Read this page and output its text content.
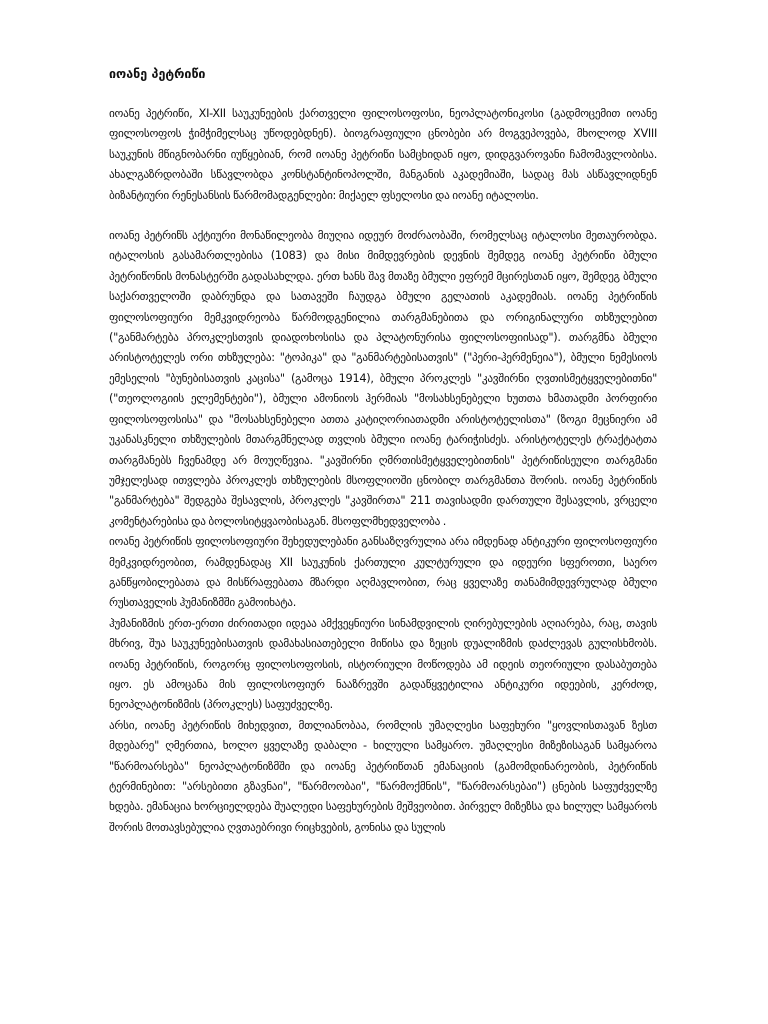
იოანე პეტრიწი

იოანე პეტრიწი, XI-XII საუკუნეების ქართველი ფილოსოფოსი, ნეოპლატონიკოსი (გადმოცემით იოანე ფილოსოფოს ჭიმჭიმელსაც უწოდებდნენ). ბიოგრაფიული ცნობები არ მოგვეპოვება, მხოლოდ XVIII საუკუნის მწიგნობარნი იუწყებიან, რომ იოანე პეტრიწი სამცხიდან იყო, დიდგვაროვანი ჩამომავლობისა. ახალგაზრდობაში სწავლობდა კონსტანტინოპოლში, მანგანის აკადემიაში, სადაც მას ასწავლიდნენ ბიზანტიური რენესანსის წარმომადგენლები: მიქაელ ფსელოსი და იოანე იტალოსი.

იოანე პეტრიწს აქტიური მონაწილეობა მიუღია იდეურ მოძრაობაში, რომელსაც იტალოსი მეთაურობდა. იტალოსის გასამართლებისა (1083) და მისი მიმდევრების დევნის შემდეგ იოანე პეტრიწი ბმული პეტრიწონის მონასტერში გადასახლდა. ერთ ხანს შავ მთაზე ბმული ეფრემ მცირესთან იყო, შემდეგ ბმული საქართველოში დაბრუნდა და სათავეში ჩაუდგა ბმული გელათის აკადემიას. იოანე პეტრიწის ფილოსოფიური მემკვიდრეობა წარმოდგენილია თარგმანებითა და ორიგინალური თხზულებით ("განმარტება პროკლესთვის დიადოხოსისა და პლატონურისა ფილოსოფიისად"). თარგმნა ბმული არისტოტელეს ორი თხზულება: "ტოპიკა" და "განმარტებისათვის" ("პერი-ჰერმენეია"), ბმული ნემესიოს ემესელის "ბუნებისათვის კაცისა" (გამოცა 1914), ბმული პროკლეს "კავშირნი ღვთისმეტყველებითნი" ("თეოლოგიის ელემენტები"), ბმული ამონიოს ჰერმიას "მოსახსენებელი ხუთთა ხმათადმი პორფირი ფილოსოფოსისა" და "მოსახსენებელი ათთა კატიღორიათადმი არისტოტელისთა" (ზოგი მეცნიერი ამ უკანასკნელი თხზულების მთარგმნელად თვლის ბმული იოანე ტარიჭისძეს. არისტოტელეს ტრაქტატთა თარგმანებს ჩვენამდე არ მოუღწევია. "კავშირნი ღმრთისმეტყველებითნის" პეტრიწისეული თარგმანი უმჯელესად ითვლება პროკლეს თხზულების მსოფლიოში ცნობილ თარგმანთა შორის. იოანე პეტრიწის "განმარტება" შედგება შესავლის, პროკლეს "კავშირთა" 211 თავისადმი დართული შესავლის, ვრცელი კომენტარებისა და ბოლოსიტყვაობისაგან. მსოფლმხედველობა .

იოანე პეტრიწის ფილოსოფიური შეხედულებანი განსაზღვრულია არა იმდენად ანტიკური ფილოსოფიური მემკვიდრეობით, რამდენადაც XII საუკუნის ქართული კულტურული და იდეური სფეროთი, საერო განწყობილებათა და მისწრაფებათა მზარდი აღმავლობით, რაც ყველაზე თანამიმდევრულად ბმული რუსთაველის ჰუმანიზმში გამოიხატა.

ჰუმანიზმის ერთ-ერთი ძირითადი იდეაა ამქვეყნიური სინამდვილის ღირებულების აღიარება, რაც, თავის მხრივ, შუა საუკუნეებისათვის დამახასიათებელი მიწისა და ზეცის დუალიზმის დაძლევას გულისხმობს. იოანე პეტრიწის, როგორც ფილოსოფოსის, ისტორიული მოწოდება ამ იდეის თეორიული დასაბუთება იყო. ეს ამოცანა მის ფილოსოფიურ ნააზრევში გადაწყვეტილია ანტიკური იდეების, კერძოდ, ნეოპლატონიზმის (პროკლეს) საფუძველზე.

არსი, იოანე პეტრიწის მიხედვით, მთლიანობაა, რომლის უმაღლესი საფეხური "ყოვლისთავან ზესთ მდებარე" ღმერთია, ხოლო ყველაზე დაბალი - ხილული სამყარო. უმაღლესი მიზეზისაგან სამყაროა "წარმოარსება" ნეოპლატონიზმში და იოანე პეტრიწთან ემანაციის (გამომდინარეობის, პეტრიწის ტერმინებით: "არსებითი გზავნაი", "წარმოობაი", "წარმოქმნის", "წარმოარსებაი") ცნების საფუძველზე ხდება. ემანაცია ხორციელდება შუალედი საფეხურების მეშვეობით. პირველ მიზეზსა და ხილულ სამყაროს შორის მოთავსებულია ღვთაებრივი რიცხვების, გონისა და სულის
